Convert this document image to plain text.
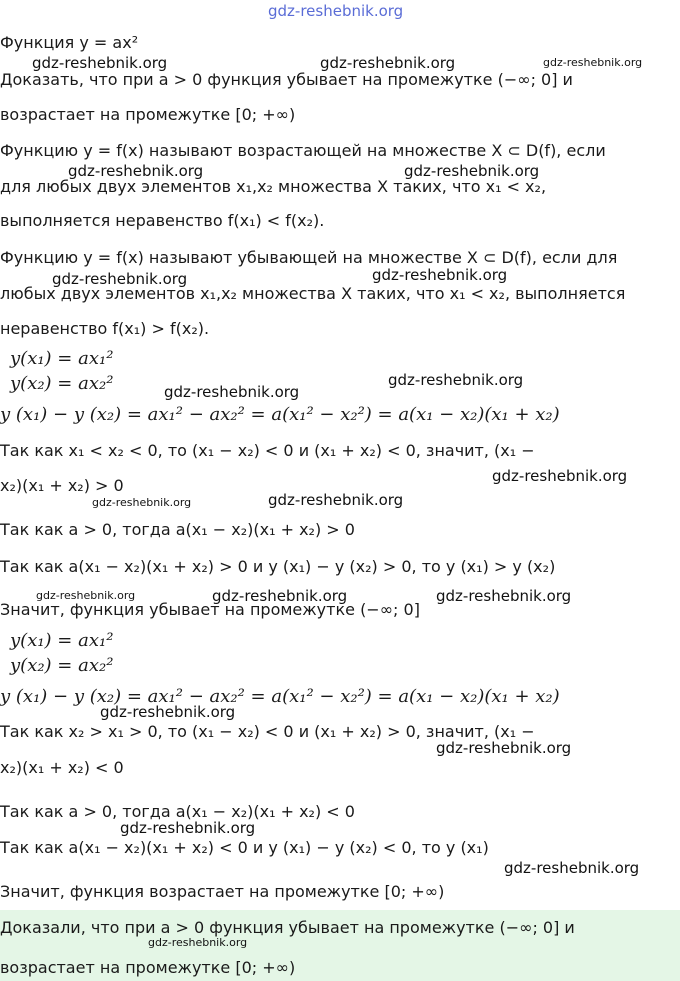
Функция y = ax²
Доказать, что при a > 0 функция убывает на промежутке (−∞; 0] и
возрастает на промежутке [0; +∞)
Функцию y = f(x) называют возрастающей на множестве X ⊂ D(f), если
для любых двух элементов x₁,x₂ множества X таких, что x₁ < x₂,
выполняется неравенство f(x₁) < f(x₂).
Функцию y = f(x) называют убывающей на множестве X ⊂ D(f), если для
любых двух элементов x₁,x₂ множества X таких, что x₁ < x₂, выполняется
неравенство f(x₁) > f(x₂).
y(x₁) = ax₁²
y(x₂) = ax₂²
y (x₁) − y (x₂) = ax₁² − ax₂² = a(x₁² − x₂²) = a(x₁ − x₂)(x₁ + x₂)
Так как x₁ < x₂ < 0, то (x₁ − x₂) < 0 и (x₁ + x₂) < 0, значит, (x₁ −
x₂)(x₁ + x₂) > 0
Так как a > 0, тогда a(x₁ − x₂)(x₁ + x₂) > 0
Так как a(x₁ − x₂)(x₁ + x₂) > 0 и y (x₁) − y (x₂) > 0, то y (x₁) > y (x₂)
Значит, функция убывает на промежутке (−∞; 0]
y(x₁) = ax₁²
y(x₂) = ax₂²
y (x₁) − y (x₂) = ax₁² − ax₂² = a(x₁² − x₂²) = a(x₁ − x₂)(x₁ + x₂)
Так как x₂ > x₁ > 0, то (x₁ − x₂) < 0 и (x₁ + x₂) > 0, значит, (x₁ −
x₂)(x₁ + x₂) < 0
Так как a > 0, тогда a(x₁ − x₂)(x₁ + x₂) < 0
Так как a(x₁ − x₂)(x₁ + x₂) < 0 и y (x₁) − y (x₂) < 0, то y (x₁)
Значит, функция возрастает на промежутке [0; +∞)
Доказали, что при a > 0 функция убывает на промежутке (−∞; 0] и
возрастает на промежутке [0; +∞)
gdz-reshebnik.org
gdz-reshebnik.org	gdz-reshebnik.org	gdz-reshebnik.org
gdz-reshebnik.org	gdz-reshebnik.org
gdz-reshebnik.org	gdz-reshebnik.org
gdz-reshebnik.org
gdz-reshebnik.org
gdz-reshebnik.org
gdz-reshebnik.org
gdz-reshebnik.org
gdz-reshebnik.org	gdz-reshebnik.org	gdz-reshebnik.org
gdz-reshebnik.org
gdz-reshebnik.org
gdz-reshebnik.org
gdz-reshebnik.org
gdz-reshebnik.org
